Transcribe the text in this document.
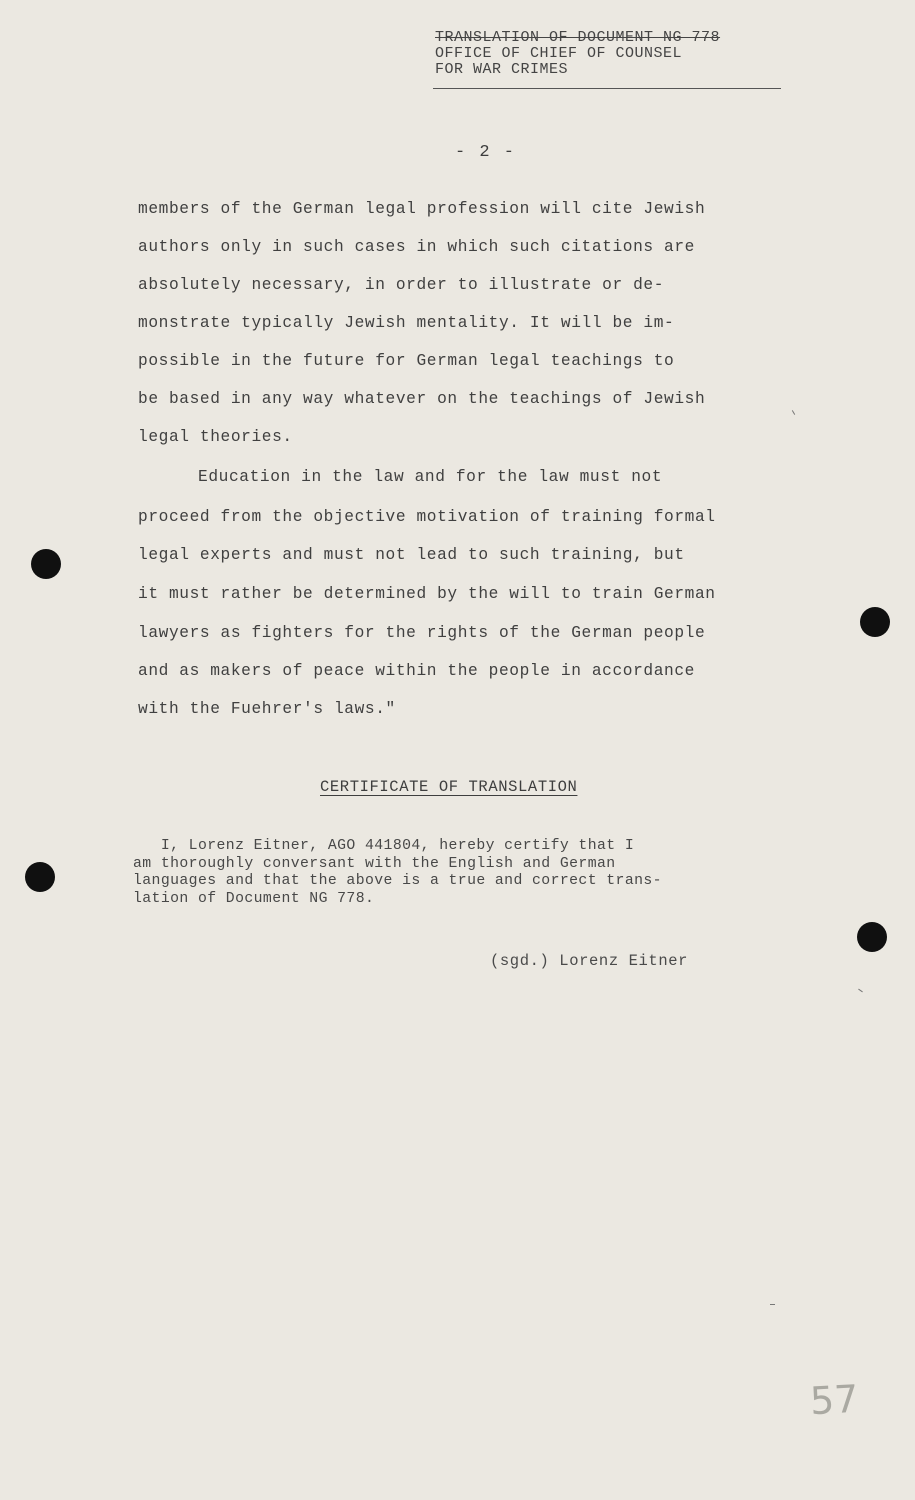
TRANSLATION OF DOCUMENT NG 778
OFFICE OF CHIEF OF COUNSEL
FOR WAR CRIMES
- 2 -
members of the German legal profession will cite Jewish
authors only in such cases in which such citations are
absolutely necessary, in order to illustrate or de-
monstrate typically Jewish mentality. It will be im-
possible in the future for German legal teachings to
be based in any way whatever on the teachings of Jewish
legal theories.
Education in the law and for the law must not
proceed from the objective motivation of training formal
legal experts and must not lead to such training, but
it must rather be determined by the will to train German
lawyers as fighters for the rights of the German people
and as makers of peace within the people in accordance
with the Fuehrer's laws."
CERTIFICATE OF TRANSLATION
I, Lorenz Eitner, AGO 441804, hereby certify that I
am thoroughly conversant with the English and German
languages and that the above is a true and correct trans-
lation of Document NG 778.
(sgd.) Lorenz Eitner
57
